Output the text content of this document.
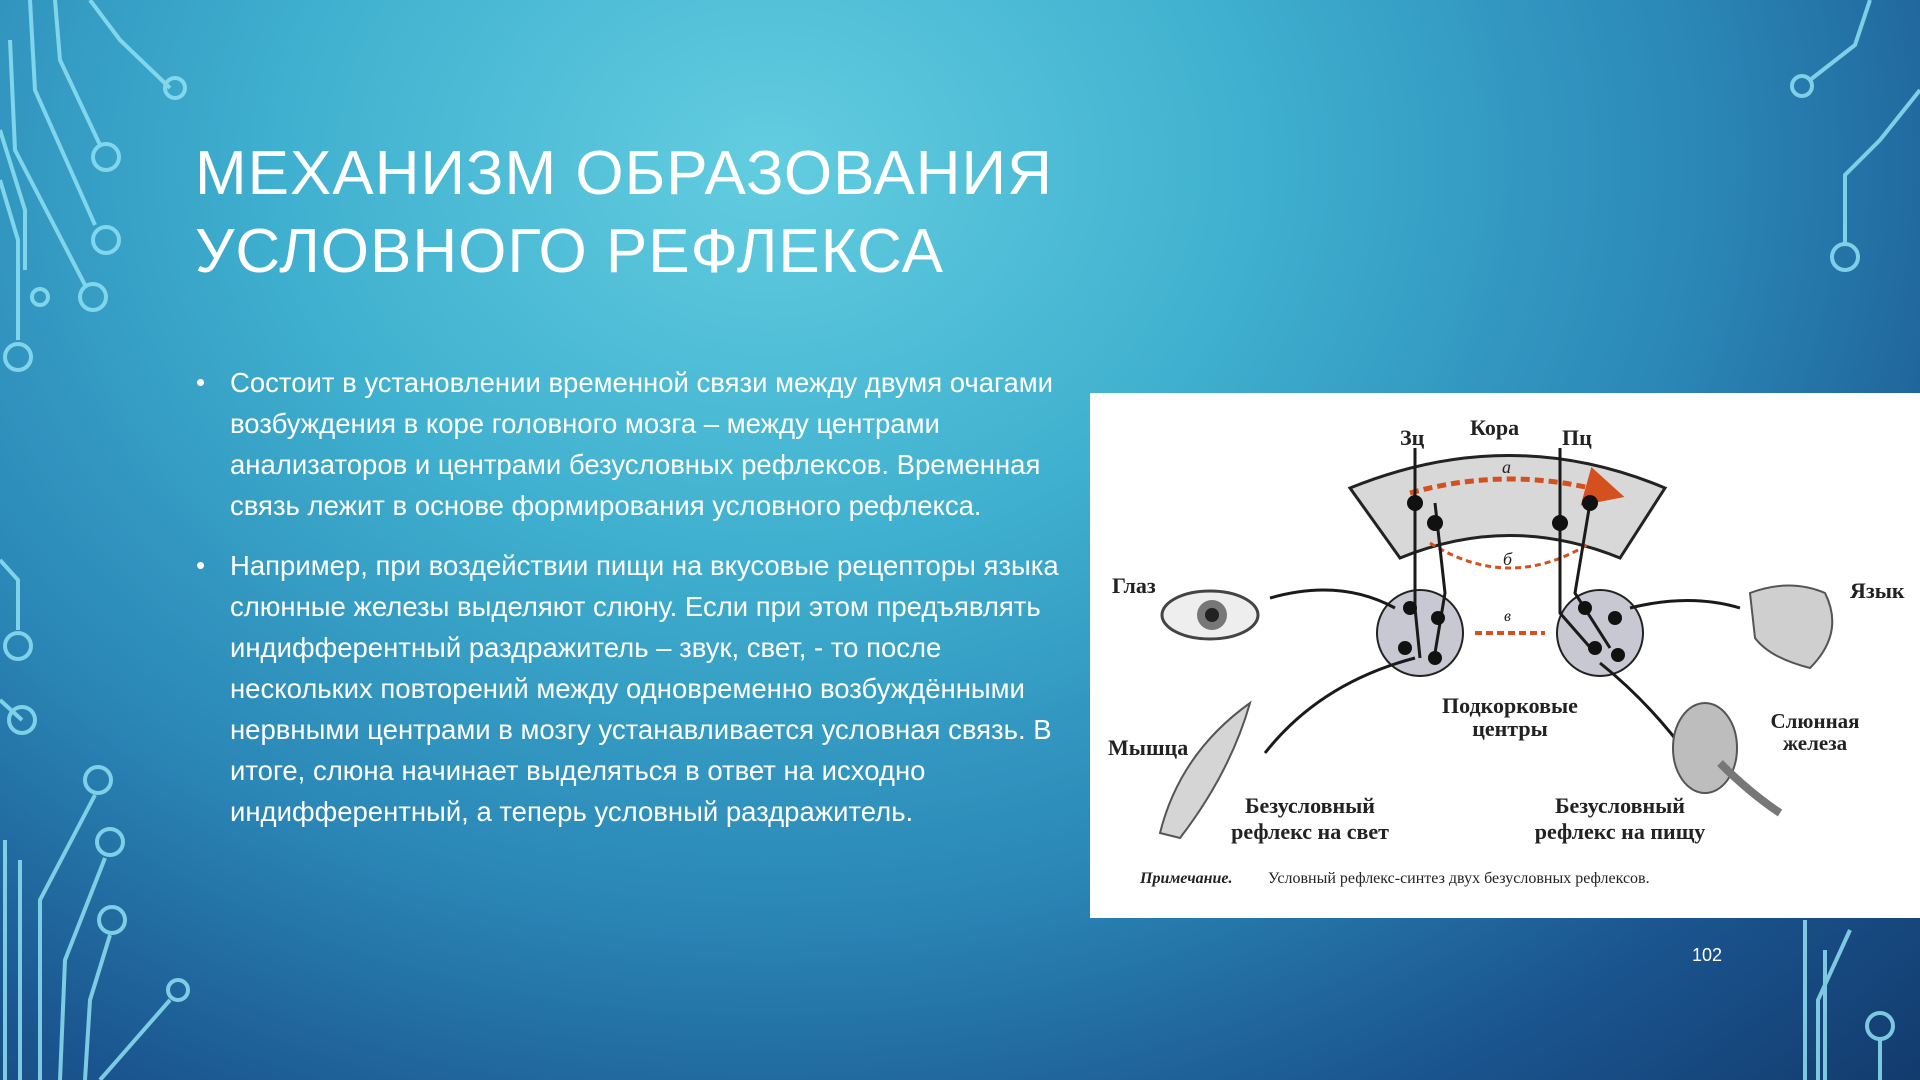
МЕХАНИЗМ ОБРАЗОВАНИЯ
УСЛОВНОГО РЕФЛЕКСА
• Состоит в установлении временной связи между двумя очагами возбуждения в коре головного мозга – между центрами анализаторов и центрами безусловных рефлексов. Временная связь лежит в основе формирования условного рефлекса.
• Например, при воздействии пищи на вкусовые рецепторы языка слюнные железы выделяют слюну. Если при этом предъявлять индифферентный раздражитель – звук, свет, - то после нескольких повторений между одновременно возбуждёнными нервными центрами в мозгу устанавливается условная связь. В итоге, слюна начинает выделяться в ответ на исходно индифферентный, а теперь условный раздражитель.
Зц Кора Пц
а
б
в
Глаз	Язык
Мышца
Подкорковые
центры	Слюнная
железа
Безусловный
рефлекс на свет
Безусловный
рефлекс на пищу
Примечание. Условный рефлекс-синтез двух безусловных рефлексов.
102
